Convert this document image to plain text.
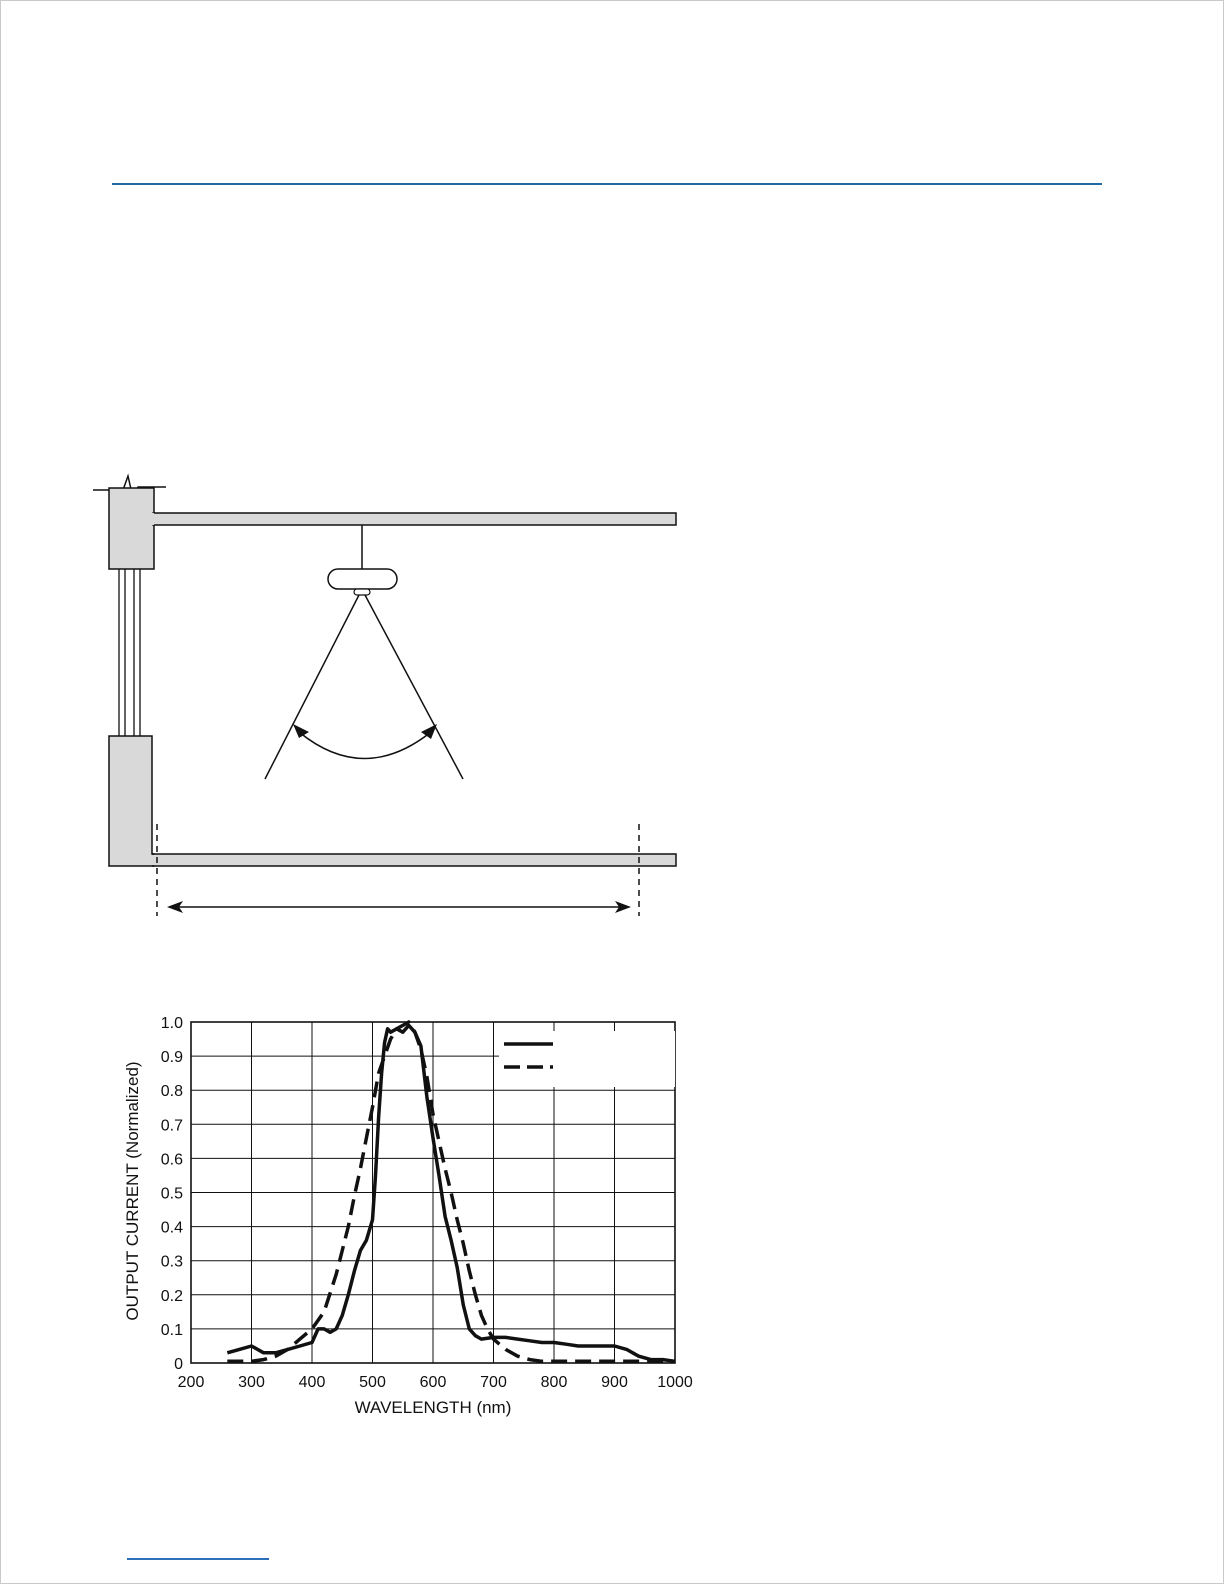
200 300 400 500 600 700 800 900 1000
0
0.1
0.2
0.3
0.4
0.5
0.6
0.7
0.8
0.9
1.0
WAVELENGTH (nm)
OUTPUT CURRENT (Normalized)
